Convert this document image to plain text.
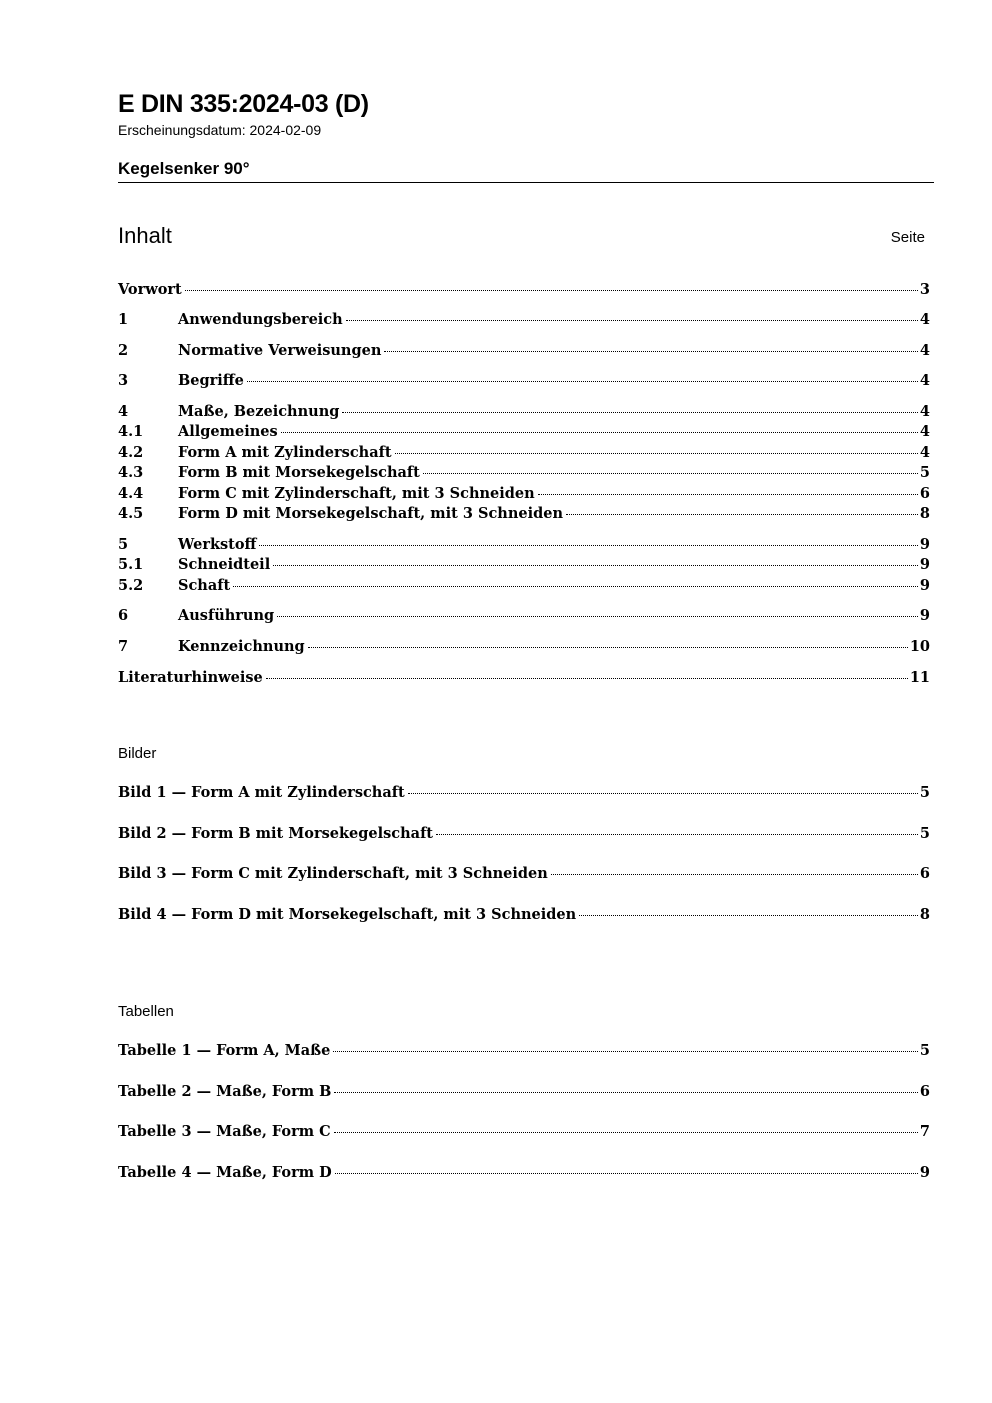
E DIN 335:2024-03 (D)
Erscheinungsdatum: 2024-02-09
Kegelsenker 90°
Inhalt	Seite
Vorwort	3
1	Anwendungsbereich	4
2	Normative Verweisungen	4
3	Begriffe	4
4	Maße, Bezeichnung	4
4.1	Allgemeines	4
4.2	Form A mit Zylinderschaft	4
4.3	Form B mit Morsekegelschaft	5
4.4	Form C mit Zylinderschaft, mit 3 Schneiden	6
4.5	Form D mit Morsekegelschaft, mit 3 Schneiden	8
5	Werkstoff	9
5.1	Schneidteil	9
5.2	Schaft	9
6	Ausführung	9
7	Kennzeichnung	10
Literaturhinweise	11
Bilder
Bild 1 — Form A mit Zylinderschaft	5
Bild 2 — Form B mit Morsekegelschaft	5
Bild 3 — Form C mit Zylinderschaft, mit 3 Schneiden	6
Bild 4 — Form D mit Morsekegelschaft, mit 3 Schneiden	8
Tabellen
Tabelle 1 — Form A, Maße	5
Tabelle 2 — Maße, Form B	6
Tabelle 3 — Maße, Form C	7
Tabelle 4 — Maße, Form D	9
